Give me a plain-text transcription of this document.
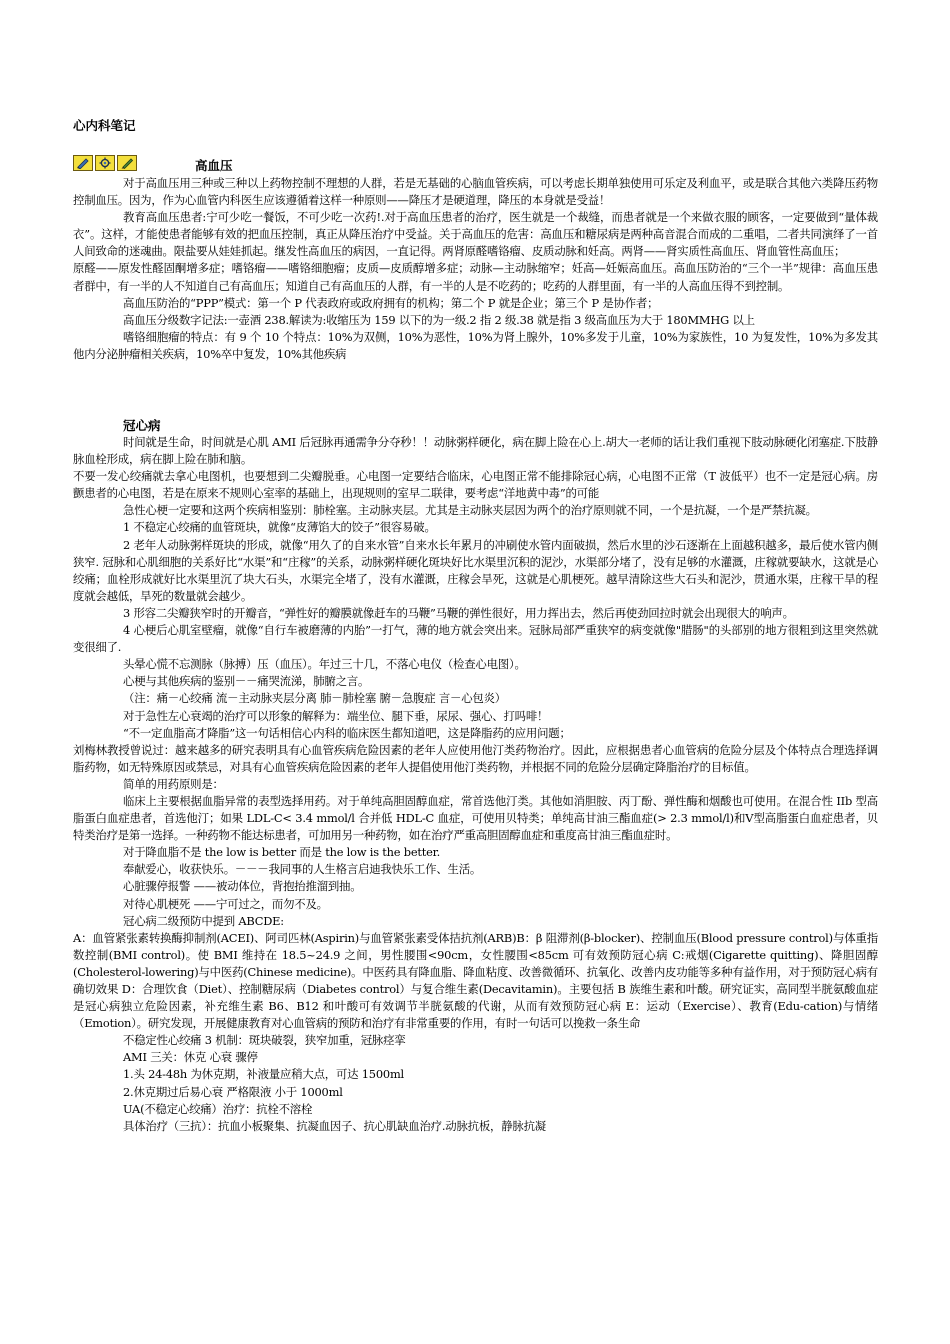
心内科笔记
高血压

对于高血压用三种或三种以上药物控制不理想的人群，若是无基础的心脑血管疾病，可以考虑长期单独使用可乐定及利血平，或是联合其他六类降压药物控制血压。因为，作为心血管内科医生应该遵循着这样一种原则——降压才是硬道理，降压的本身就是受益！

教育高血压患者:宁可少吃一餐饭，不可少吃一次药!.对于高血压患者的治疗，医生就是一个裁缝，而患者就是一个来做衣服的顾客，一定要做到“量体裁衣”。这样，才能使患者能够有效的把血压控制，真正从降压治疗中受益。关于高血压的危害：高血压和糖尿病是两种高音混合而成的二重唱，二者共同演绎了一首人间致命的迷魂曲。限盐要从娃娃抓起。继发性高血压的病因，一直记得。两肾原醛嗜铬瘤、皮质动脉和妊高。两肾——肾实质性高血压、肾血管性高血压；

原醛——原发性醛固酮增多症；嗜铬瘤——嗜铬细胞瘤；皮质—皮质醇增多症；动脉—主动脉缩窄；妊高—妊娠高血压。高血压防治的“三个一半”规律：高血压患者群中，有一半的人不知道自己有高血压；知道自己有高血压的人群，有一半的人是不吃药的；吃药的人群里面，有一半的人高血压得不到控制。

高血压防治的“PPP”模式：第一个 P 代表政府或政府拥有的机构；第二个 P 就是企业；第三个 P 是协作者；

高血压分级数字记法:一壶酒 238.解读为:收缩压为 159 以下的为一级.2 指 2 级.38 就是指 3 级高血压为大于 180MMHG 以上

嗜铬细胞瘤的特点：有 9 个 10 个特点：10%为双侧，10%为恶性，10%为肾上腺外，10%多发于儿童，10%为家族性，10 为复发性，10%为多发其他内分泌肿瘤相关疾病，10%卒中复发，10%其他疾病

冠心病

时间就是生命，时间就是心肌 AMI 后冠脉再通需争分夺秒！！动脉粥样硬化，病在脚上险在心上.胡大一老师的话让我们重视下肢动脉硬化闭塞症.下肢静脉血栓形成，病在脚上险在肺和脑。

不要一发心绞痛就去拿心电图机，也要想到二尖瓣脱垂。心电图一定要结合临床，心电图正常不能排除冠心病，心电图不正常（T 波低平）也不一定是冠心病。房颤患者的心电图，若是在原来不规则心室率的基础上，出现规则的室早二联律，要考虑“洋地黄中毒”的可能

急性心梗一定要和这两个疾病相鉴别：肺栓塞。主动脉夹层。尤其是主动脉夹层因为两个的治疗原则就不同，一个是抗凝，一个是严禁抗凝。

1 不稳定心绞痛的血管斑块，就像“皮薄馅大的饺子”很容易破。

2 老年人动脉粥样斑块的形成，就像“用久了的自来水管”自来水长年累月的冲刷使水管内面破损，然后水里的沙石逐渐在上面越积越多，最后使水管内侧狭窄. 冠脉和心肌细胞的关系好比“水渠”和“庄稼”的关系，动脉粥样硬化斑块好比水渠里沉积的泥沙，水渠部分堵了，没有足够的水灌溉，庄稼就要缺水，这就是心绞痛；血栓形成就好比水渠里沉了块大石头，水渠完全堵了，没有水灌溉，庄稼会旱死，这就是心肌梗死。越早清除这些大石头和泥沙，贯通水渠，庄稼干旱的程度就会越低，旱死的数量就会越少。

3 形容二尖瓣狭窄时的开瓣音，“弹性好的瓣膜就像赶车的马鞭”马鞭的弹性很好，用力挥出去，然后再使劲回拉时就会出现很大的响声。

4 心梗后心肌室壁瘤，就像“自行车被磨薄的内胎”一打气，薄的地方就会突出来。冠脉局部严重狭窄的病变就像"腊肠"的头部别的地方很粗到这里突然就变很细了.

头晕心慌不忘测脉（脉搏）压（血压）。年过三十几，不落心电仪（检查心电图）。

心梗与其他疾病的鉴别－－痛哭流涕，肺腑之言。

（注：痛－心绞痛 流－主动脉夹层分离 肺－肺栓塞 腑－急腹症 言－心包炎）

对于急性左心衰竭的治疗可以形象的解释为：端坐位、腿下垂，尿尿、强心、打吗啡！

“不一定血脂高才降脂”这一句话相信心内科的临床医生都知道吧，这是降脂药的应用问题；

刘梅林教授曾说过：越来越多的研究表明具有心血管疾病危险因素的老年人应使用他汀类药物治疗。因此，应根据患者心血管病的危险分层及个体特点合理选择调脂药物，如无特殊原因或禁忌，对具有心血管疾病危险因素的老年人提倡使用他汀类药物，并根据不同的危险分层确定降脂治疗的目标值。

简单的用药原则是：

临床上主要根据血脂异常的表型选择用药。对于单纯高胆固醇血症，常首选他汀类。其他如消胆胺、丙丁酚、弹性酶和烟酸也可使用。在混合性 IIb 型高脂蛋白血症患者，首选他汀；如果 LDL-C< 3.4 mmol/l 合并低 HDL-C 血症，可使用贝特类；单纯高甘油三酯血症(> 2.3 mmol/l)和Ⅴ型高脂蛋白血症患者，贝特类治疗是第一选择。一种药物不能达标患者，可加用另一种药物，如在治疗严重高胆固醇血症和重度高甘油三酯血症时。

对于降血脂不是 the low is better 而是 the low is the better.

奉献爱心，收获快乐。－－－我同事的人生格言启迪我快乐工作、生活。

心脏骤停报警 ——被动体位，背抱抬推溜到抽。

对待心肌梗死 ——宁可过之，而勿不及。

冠心病二级预防中提到 ABCDE:

A：血管紧张素转换酶抑制剂(ACEI)、阿司匹林(Aspirin)与血管紧张素受体拮抗剂(ARB)B：β 阻滞剂(β-blocker)、控制血压(Blood pressure control)与体重指数控制(BMI control)。使 BMI 维持在 18.5~24.9 之间，男性腰围<90cm，女性腰围<85cm 可有效预防冠心病 C:戒烟(Cigarette quitting)、降胆固醇(Cholesterol-lowering)与中医药(Chinese medicine)。中医药具有降血脂、降血粘度、改善微循环、抗氧化、改善内皮功能等多种有益作用，对于预防冠心病有确切效果 D：合理饮食（Diet）、控制糖尿病（Diabetes control）与复合维生素(Decavitamin)。主要包括 B 族维生素和叶酸。研究证实，高同型半胱氨酸血症是冠心病独立危险因素，补充维生素 B6、B12 和叶酸可有效调节半胱氨酸的代谢，从而有效预防冠心病 E：运动（Exercise）、教育(Edu-cation)与情绪（Emotion）。研究发现，开展健康教育对心血管病的预防和治疗有非常重要的作用，有时一句话可以挽救一条生命

不稳定性心绞痛 3 机制：斑块破裂，狭窄加重，冠脉痉挛

AMI 三关：休克 心衰 骤停

1.头 24-48h 为休克期，补液量应稍大点，可达 1500ml

2.休克期过后易心衰 严格限液 小于 1000ml

UA(不稳定心绞痛）治疗：抗栓不溶栓

具体治疗（三抗）：抗血小板聚集、抗凝血因子、抗心肌缺血治疗.动脉抗板，静脉抗凝
